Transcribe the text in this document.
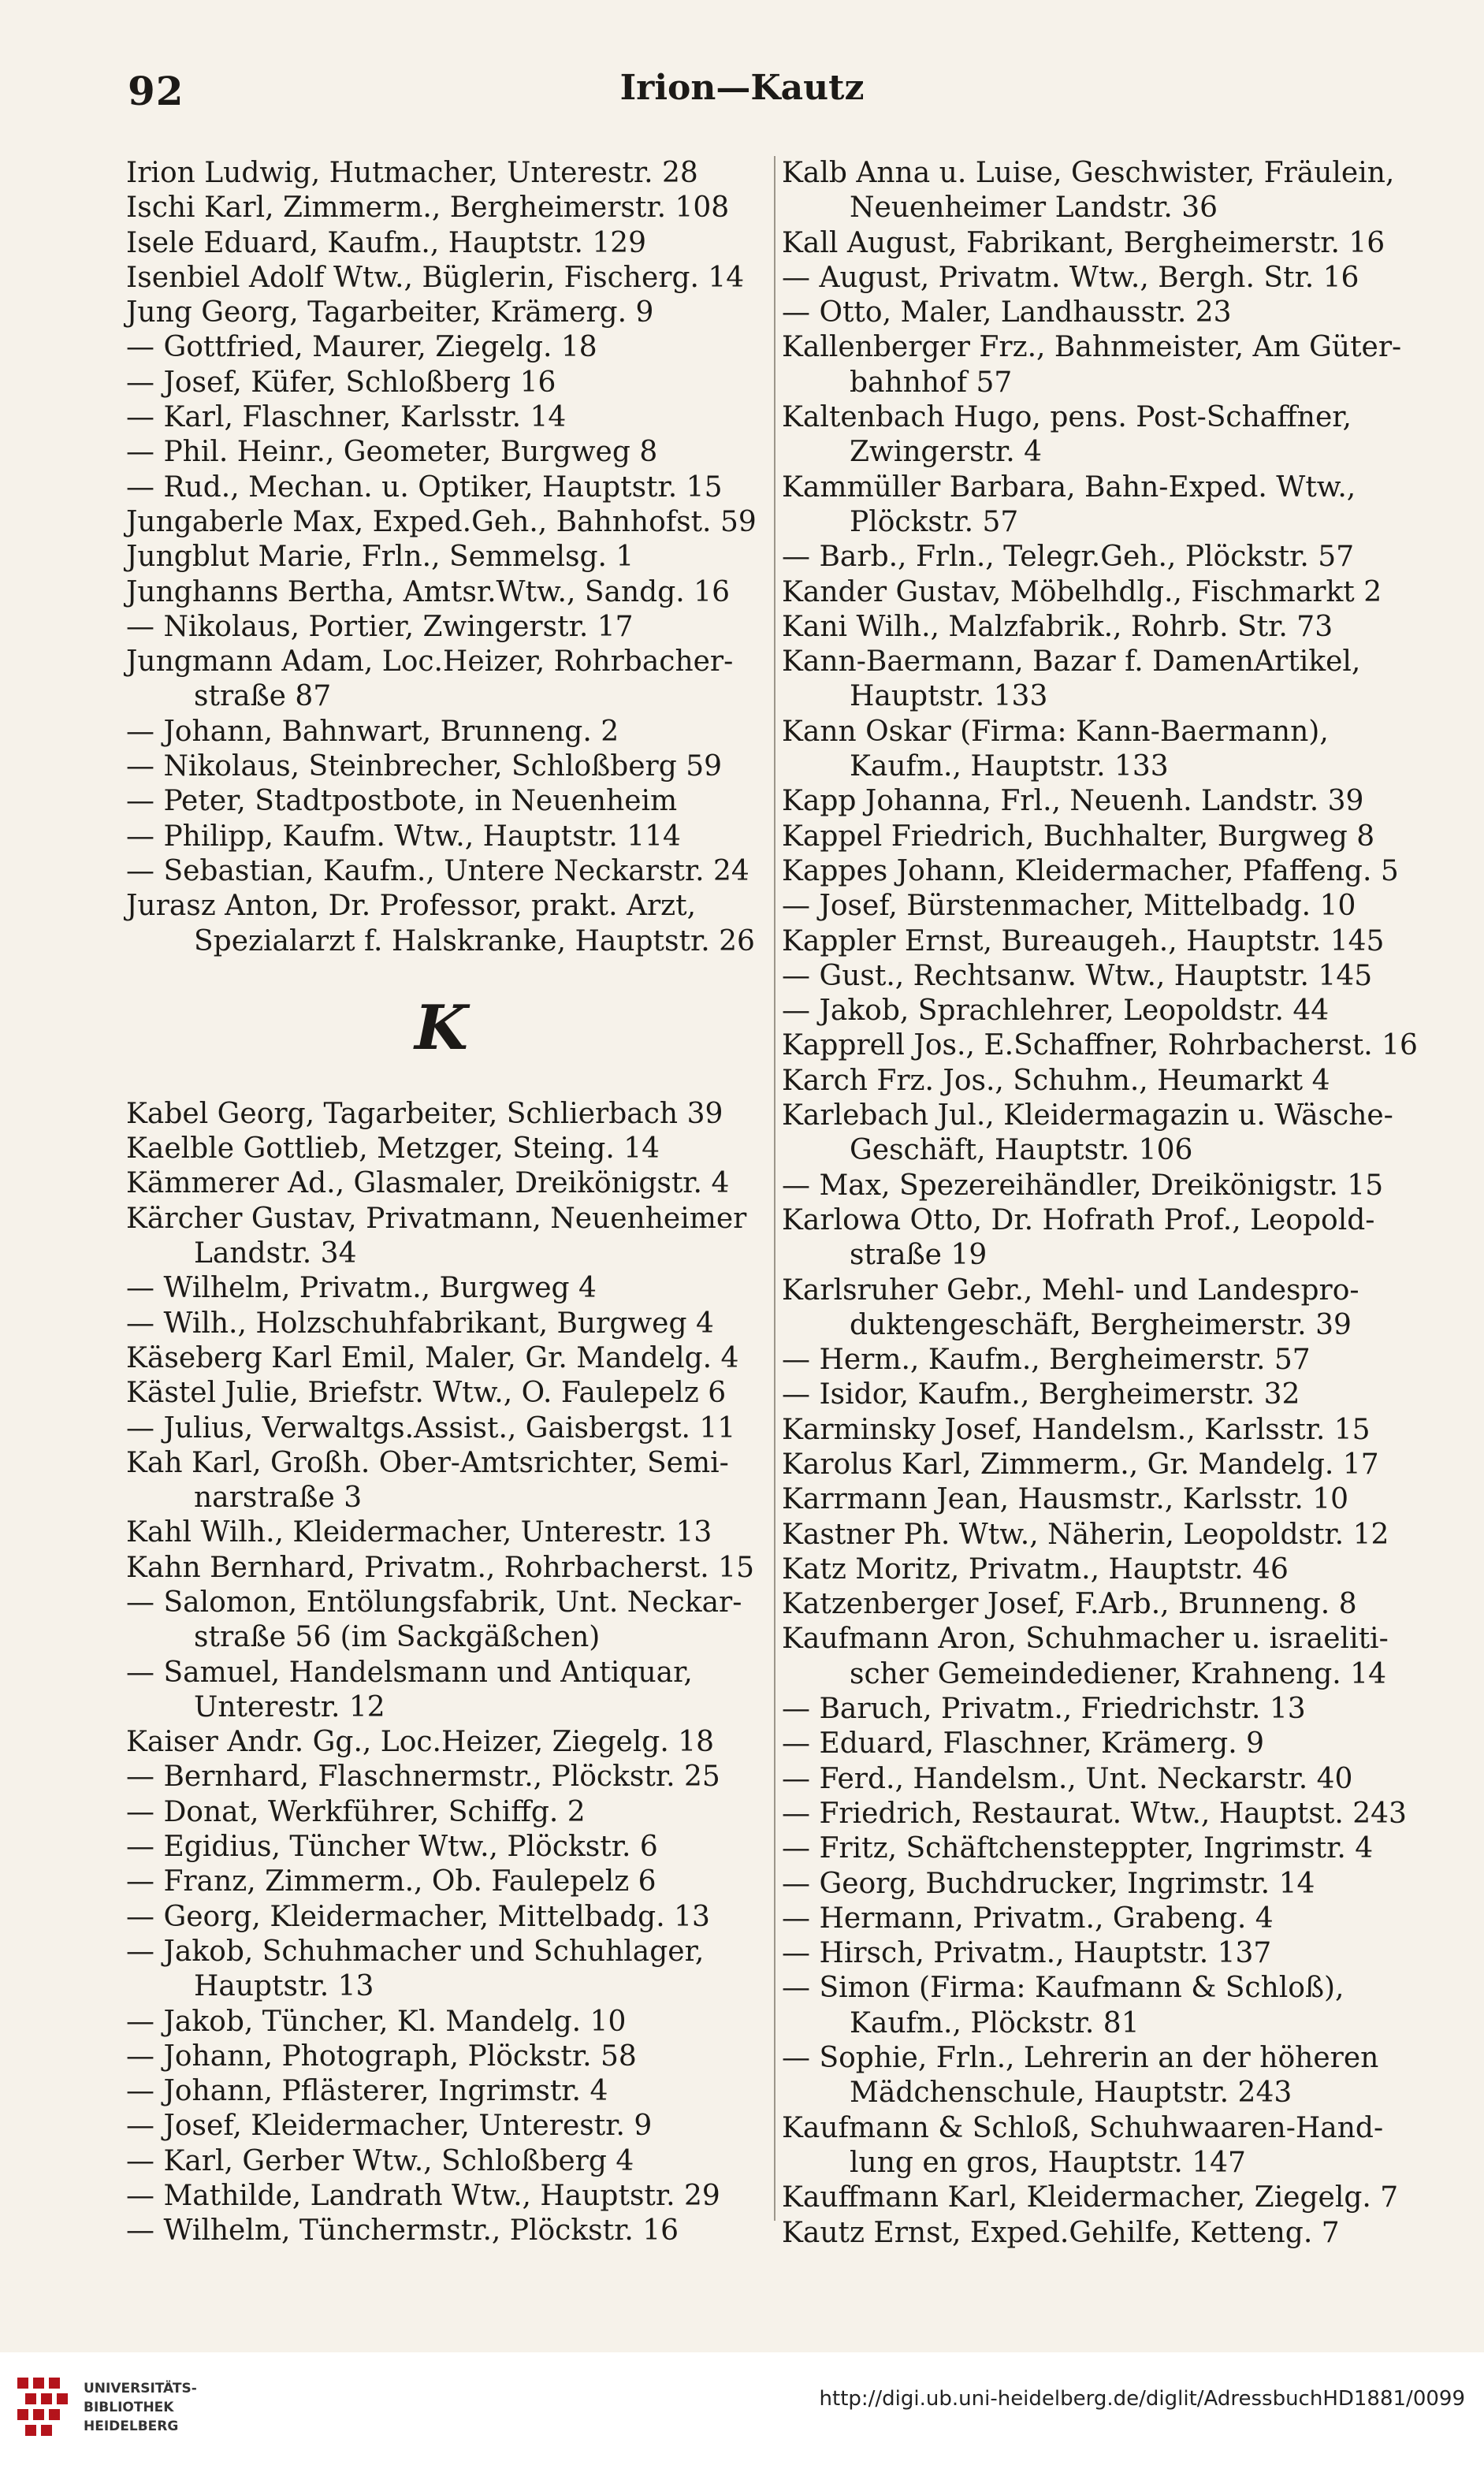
92	Irion—Kautz
Irion Ludwig, Hutmacher, Unterestr. 28
Ischi Karl, Zimmerm., Bergheimerstr. 108
Isele Eduard, Kaufm., Hauptstr. 129
Isenbiel Adolf Wtw., Büglerin, Fischerg. 14
Jung Georg, Tagarbeiter, Krämerg. 9
— Gottfried, Maurer, Ziegelg. 18
— Josef, Küfer, Schloßberg 16
— Karl, Flaschner, Karlsstr. 14
— Phil. Heinr., Geometer, Burgweg 8
— Rud., Mechan. u. Optiker, Hauptstr. 15
Jungaberle Max, Exped.Geh., Bahnhofst. 59
Jungblut Marie, Frln., Semmelsg. 1
Junghanns Bertha, Amtsr.Wtw., Sandg. 16
— Nikolaus, Portier, Zwingerstr. 17
Jungmann Adam, Loc.Heizer, Rohrbacher-
straße 87
— Johann, Bahnwart, Brunneng. 2
— Nikolaus, Steinbrecher, Schloßberg 59
— Peter, Stadtpostbote, in Neuenheim
— Philipp, Kaufm. Wtw., Hauptstr. 114
— Sebastian, Kaufm., Untere Neckarstr. 24
Jurasz Anton, Dr. Professor, prakt. Arzt,
Spezialarzt f. Halskranke, Hauptstr. 26
K
Kabel Georg, Tagarbeiter, Schlierbach 39
Kaelble Gottlieb, Metzger, Steing. 14
Kämmerer Ad., Glasmaler, Dreikönigstr. 4
Kärcher Gustav, Privatmann, Neuenheimer
Landstr. 34
— Wilhelm, Privatm., Burgweg 4
— Wilh., Holzschuhfabrikant, Burgweg 4
Käseberg Karl Emil, Maler, Gr. Mandelg. 4
Kästel Julie, Briefstr. Wtw., O. Faulepelz 6
— Julius, Verwaltgs.Assist., Gaisbergst. 11
Kah Karl, Großh. Ober-Amtsrichter, Semi-
narstraße 3
Kahl Wilh., Kleidermacher, Unterestr. 13
Kahn Bernhard, Privatm., Rohrbacherst. 15
— Salomon, Entölungsfabrik, Unt. Neckar-
straße 56 (im Sackgäßchen)
— Samuel, Handelsmann und Antiquar,
Unterestr. 12
Kaiser Andr. Gg., Loc.Heizer, Ziegelg. 18
— Bernhard, Flaschnermstr., Plöckstr. 25
— Donat, Werkführer, Schiffg. 2
— Egidius, Tüncher Wtw., Plöckstr. 6
— Franz, Zimmerm., Ob. Faulepelz 6
— Georg, Kleidermacher, Mittelbadg. 13
— Jakob, Schuhmacher und Schuhlager,
Hauptstr. 13
— Jakob, Tüncher, Kl. Mandelg. 10
— Johann, Photograph, Plöckstr. 58
— Johann, Pflästerer, Ingrimstr. 4
— Josef, Kleidermacher, Unterestr. 9
— Karl, Gerber Wtw., Schloßberg 4
— Mathilde, Landrath Wtw., Hauptstr. 29
— Wilhelm, Tünchermstr., Plöckstr. 16
Kalb Anna u. Luise, Geschwister, Fräulein,
Neuenheimer Landstr. 36
Kall August, Fabrikant, Bergheimerstr. 16
— August, Privatm. Wtw., Bergh. Str. 16
— Otto, Maler, Landhausstr. 23
Kallenberger Frz., Bahnmeister, Am Güter-
bahnhof 57
Kaltenbach Hugo, pens. Post-Schaffner,
Zwingerstr. 4
Kammüller Barbara, Bahn-Exped. Wtw.,
Plöckstr. 57
— Barb., Frln., Telegr.Geh., Plöckstr. 57
Kander Gustav, Möbelhdlg., Fischmarkt 2
Kani Wilh., Malzfabrik., Rohrb. Str. 73
Kann-Baermann, Bazar f. DamenArtikel,
Hauptstr. 133
Kann Oskar (Firma: Kann-Baermann),
Kaufm., Hauptstr. 133
Kapp Johanna, Frl., Neuenh. Landstr. 39
Kappel Friedrich, Buchhalter, Burgweg 8
Kappes Johann, Kleidermacher, Pfaffeng. 5
— Josef, Bürstenmacher, Mittelbadg. 10
Kappler Ernst, Bureaugeh., Hauptstr. 145
— Gust., Rechtsanw. Wtw., Hauptstr. 145
— Jakob, Sprachlehrer, Leopoldstr. 44
Kapprell Jos., E.Schaffner, Rohrbacherst. 16
Karch Frz. Jos., Schuhm., Heumarkt 4
Karlebach Jul., Kleidermagazin u. Wäsche-
Geschäft, Hauptstr. 106
— Max, Spezereihändler, Dreikönigstr. 15
Karlowa Otto, Dr. Hofrath Prof., Leopold-
straße 19
Karlsruher Gebr., Mehl- und Landespro-
duktengeschäft, Bergheimerstr. 39
— Herm., Kaufm., Bergheimerstr. 57
— Isidor, Kaufm., Bergheimerstr. 32
Karminsky Josef, Handelsm., Karlsstr. 15
Karolus Karl, Zimmerm., Gr. Mandelg. 17
Karrmann Jean, Hausmstr., Karlsstr. 10
Kastner Ph. Wtw., Näherin, Leopoldstr. 12
Katz Moritz, Privatm., Hauptstr. 46
Katzenberger Josef, F.Arb., Brunneng. 8
Kaufmann Aron, Schuhmacher u. israeliti-
scher Gemeindediener, Krahneng. 14
— Baruch, Privatm., Friedrichstr. 13
— Eduard, Flaschner, Krämerg. 9
— Ferd., Handelsm., Unt. Neckarstr. 40
— Friedrich, Restaurat. Wtw., Hauptst. 243
— Fritz, Schäftchensteppter, Ingrimstr. 4
— Georg, Buchdrucker, Ingrimstr. 14
— Hermann, Privatm., Grabeng. 4
— Hirsch, Privatm., Hauptstr. 137
— Simon (Firma: Kaufmann & Schloß),
Kaufm., Plöckstr. 81
— Sophie, Frln., Lehrerin an der höheren
Mädchenschule, Hauptstr. 243
Kaufmann & Schloß, Schuhwaaren-Hand-
lung en gros, Hauptstr. 147
Kauffmann Karl, Kleidermacher, Ziegelg. 7
Kautz Ernst, Exped.Gehilfe, Ketteng. 7
UNIVERSITÄTS-
BIBLIOTHEK
HEIDELBERG
http://digi.ub.uni-heidelberg.de/diglit/AdressbuchHD1881/0099
